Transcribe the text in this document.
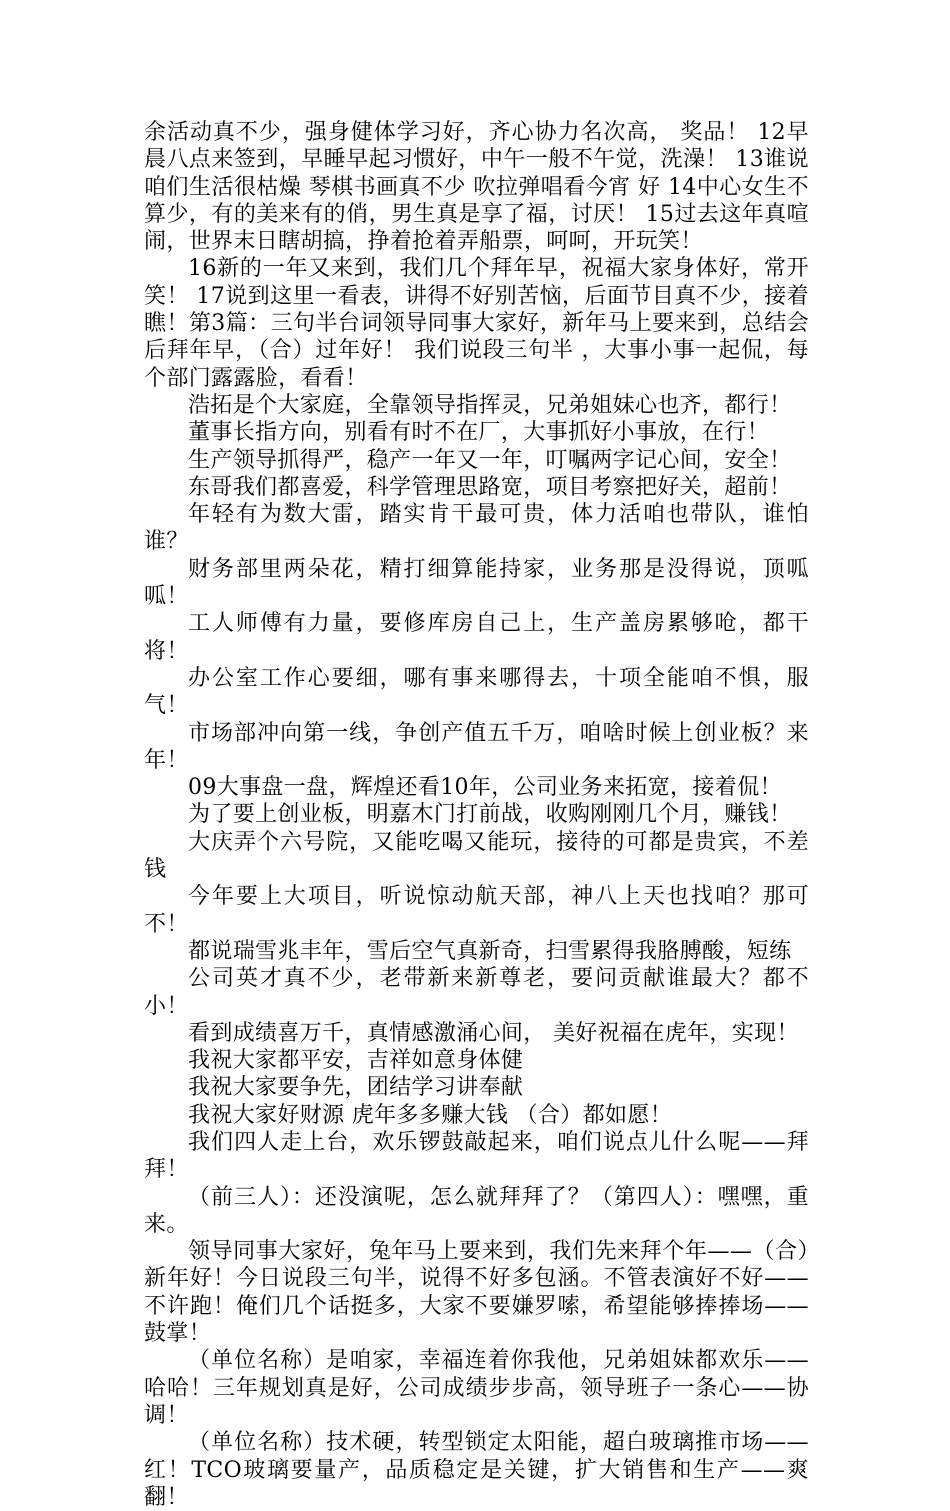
余活动真不少，强身健体学习好，齐心协力名次高， 奖品！ 12早晨八点来签到，早睡早起习惯好，中午一般不午觉，洗澡！ 13谁说咱们生活很枯燥 琴棋书画真不少 吹拉弹唱看今宵 好 14中心女生不算少，有的美来有的俏，男生真是享了福，讨厌！ 15过去这年真喧闹，世界末日瞎胡搞，挣着抢着弄船票，呵呵，开玩笑！

16新的一年又来到，我们几个拜年早，祝福大家身体好，常开笑！ 17说到这里一看表，讲得不好别苦恼，后面节目真不少，接着瞧！第3篇：三句半台词领导同事大家好，新年马上要来到，总结会后拜年早，（合）过年好！ 我们说段三句半 ，大事小事一起侃，每个部门露露脸，看看！

浩拓是个大家庭，全靠领导指挥灵，兄弟姐妹心也齐，都行！

董事长指方向，别看有时不在厂，大事抓好小事放，在行！

生产领导抓得严，稳产一年又一年，叮嘱两字记心间，安全！

东哥我们都喜爱，科学管理思路宽，项目考察把好关，超前！

年轻有为数大雷，踏实肯干最可贵，体力活咱也带队，谁怕谁？

财务部里两朵花，精打细算能持家，业务那是没得说，顶呱呱！

工人师傅有力量，要修库房自己上，生产盖房累够呛，都干将！

办公室工作心要细，哪有事来哪得去，十项全能咱不惧，服气！

市场部冲向第一线，争创产值五千万，咱啥时候上创业板？来年！

09大事盘一盘，辉煌还看10年，公司业务来拓宽，接着侃！

为了要上创业板，明嘉木门打前战，收购刚刚几个月，赚钱！

大庆弄个六号院，又能吃喝又能玩，接待的可都是贵宾，不差钱

今年要上大项目，听说惊动航天部，神八上天也找咱？那可不！

都说瑞雪兆丰年，雪后空气真新奇，扫雪累得我胳膊酸，短练

公司英才真不少，老带新来新尊老，要问贡献谁最大？都不小！

看到成绩喜万千，真情感激涌心间， 美好祝福在虎年，实现！

我祝大家都平安，吉祥如意身体健

我祝大家要争先，团结学习讲奉献

我祝大家好财源 虎年多多赚大钱 （合）都如愿！

我们四人走上台，欢乐锣鼓敲起来，咱们说点儿什么呢——拜拜！

（前三人）：还没演呢，怎么就拜拜了？（第四人）：嘿嘿，重来。

领导同事大家好，兔年马上要来到，我们先来拜个年——（合）新年好！今日说段三句半，说得不好多包涵。不管表演好不好——不许跑！俺们几个话挺多，大家不要嫌罗嗦，希望能够捧捧场——鼓掌！

（单位名称）是咱家，幸福连着你我他，兄弟姐妹都欢乐——哈哈！三年规划真是好，公司成绩步步高，领导班子一条心——协调！

（单位名称）技术硬，转型锁定太阳能，超白玻璃推市场——红！TCO玻璃要量产，品质稳定是关键，扩大销售和生产——爽翻！
